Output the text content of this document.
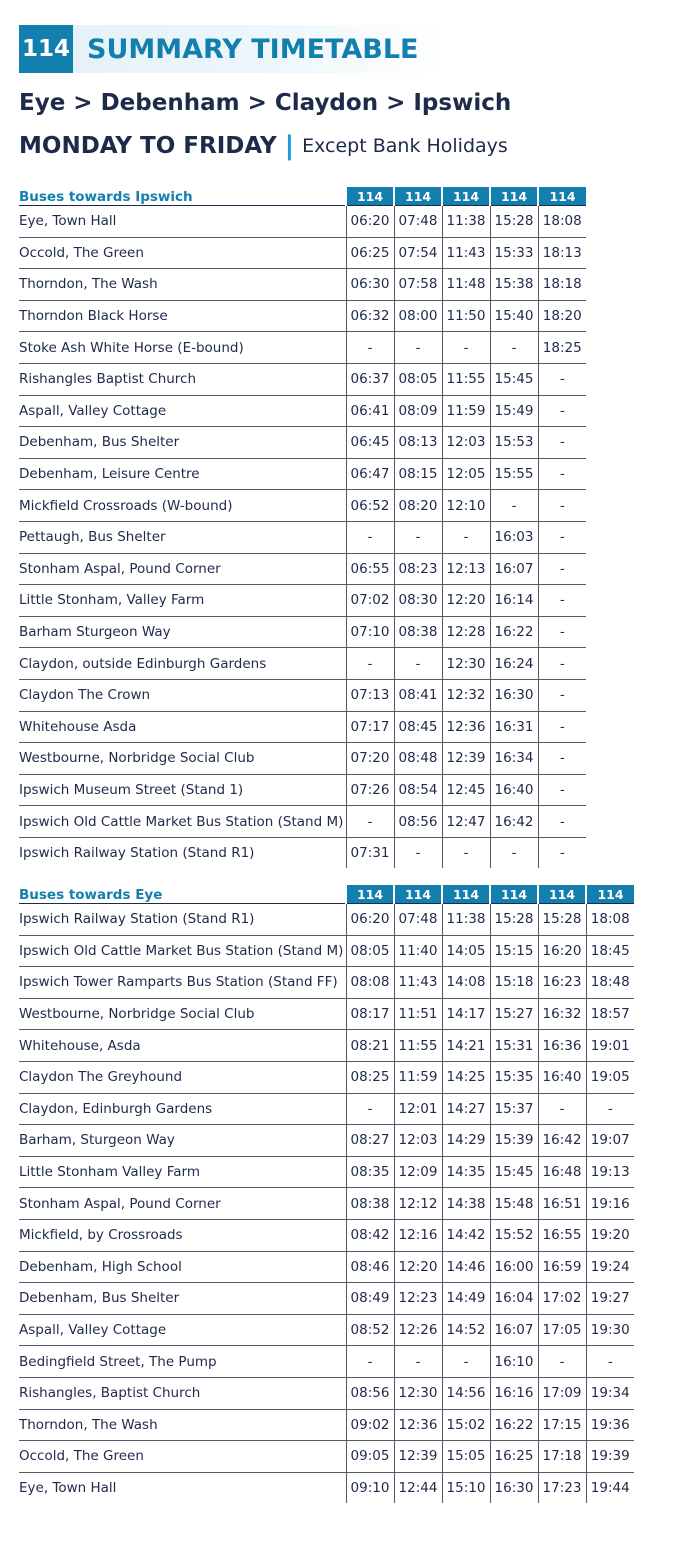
114 SUMMARY TIMETABLE
Eye > Debenham > Claydon > Ipswich
MONDAY TO FRIDAY | Except Bank Holidays
Buses towards Ipswich	114	114	114	114	114
Eye, Town Hall	06:20	07:48	11:38	15:28	18:08
Occold, The Green	06:25	07:54	11:43	15:33	18:13
Thorndon, The Wash	06:30	07:58	11:48	15:38	18:18
Thorndon Black Horse	06:32	08:00	11:50	15:40	18:20
Stoke Ash White Horse (E-bound)	-	-	-	-	18:25
Rishangles Baptist Church	06:37	08:05	11:55	15:45	-
Aspall, Valley Cottage	06:41	08:09	11:59	15:49	-
Debenham, Bus Shelter	06:45	08:13	12:03	15:53	-
Debenham, Leisure Centre	06:47	08:15	12:05	15:55	-
Mickfield Crossroads (W-bound)	06:52	08:20	12:10	-	-
Pettaugh, Bus Shelter	-	-	-	16:03	-
Stonham Aspal, Pound Corner	06:55	08:23	12:13	16:07	-
Little Stonham, Valley Farm	07:02	08:30	12:20	16:14	-
Barham Sturgeon Way	07:10	08:38	12:28	16:22	-
Claydon, outside Edinburgh Gardens	-	-	12:30	16:24	-
Claydon The Crown	07:13	08:41	12:32	16:30	-
Whitehouse Asda	07:17	08:45	12:36	16:31	-
Westbourne, Norbridge Social Club	07:20	08:48	12:39	16:34	-
Ipswich Museum Street (Stand 1)	07:26	08:54	12:45	16:40	-
Ipswich Old Cattle Market Bus Station (Stand M)	-	08:56	12:47	16:42	-
Ipswich Railway Station (Stand R1)	07:31	-	-	-	-
Buses towards Eye	114	114	114	114	114	114
Ipswich Railway Station (Stand R1)	06:20	07:48	11:38	15:28	15:28	18:08
Ipswich Old Cattle Market Bus Station (Stand M)	08:05	11:40	14:05	15:15	16:20	18:45
Ipswich Tower Ramparts Bus Station (Stand FF)	08:08	11:43	14:08	15:18	16:23	18:48
Westbourne, Norbridge Social Club	08:17	11:51	14:17	15:27	16:32	18:57
Whitehouse, Asda	08:21	11:55	14:21	15:31	16:36	19:01
Claydon The Greyhound	08:25	11:59	14:25	15:35	16:40	19:05
Claydon, Edinburgh Gardens	-	12:01	14:27	15:37	-	-
Barham, Sturgeon Way	08:27	12:03	14:29	15:39	16:42	19:07
Little Stonham Valley Farm	08:35	12:09	14:35	15:45	16:48	19:13
Stonham Aspal, Pound Corner	08:38	12:12	14:38	15:48	16:51	19:16
Mickfield, by Crossroads	08:42	12:16	14:42	15:52	16:55	19:20
Debenham, High School	08:46	12:20	14:46	16:00	16:59	19:24
Debenham, Bus Shelter	08:49	12:23	14:49	16:04	17:02	19:27
Aspall, Valley Cottage	08:52	12:26	14:52	16:07	17:05	19:30
Bedingfield Street, The Pump	-	-	-	16:10	-	-
Rishangles, Baptist Church	08:56	12:30	14:56	16:16	17:09	19:34
Thorndon, The Wash	09:02	12:36	15:02	16:22	17:15	19:36
Occold, The Green	09:05	12:39	15:05	16:25	17:18	19:39
Eye, Town Hall	09:10	12:44	15:10	16:30	17:23	19:44
